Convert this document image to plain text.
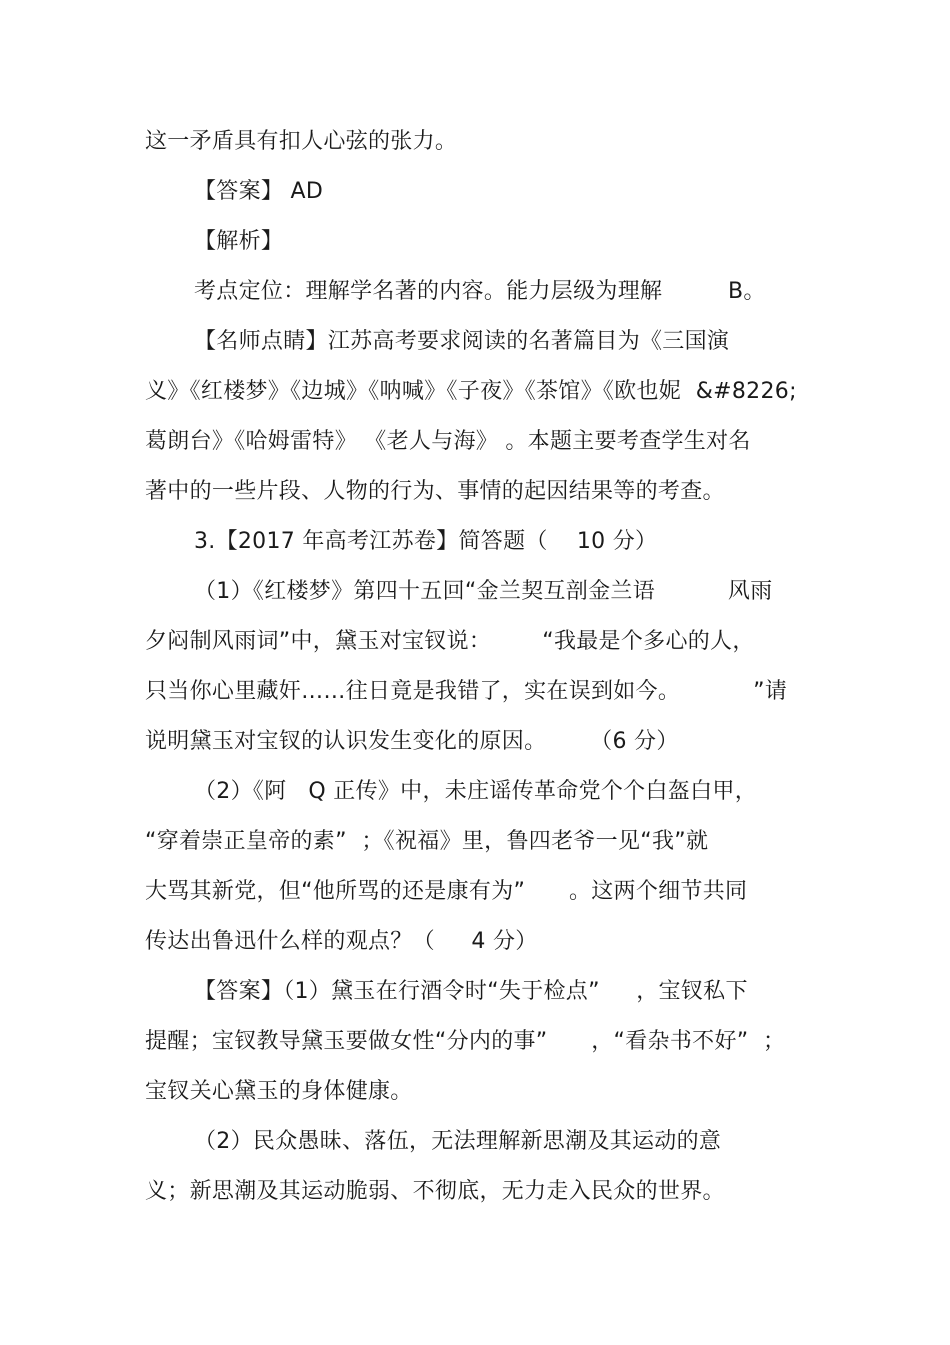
这一矛盾具有扣人心弦的张力。
【答案】 AD
【解析】
考点定位：理解学名著的内容。能力层级为理解         B。
【名师点睛】江苏高考要求阅读的名著篇目为《三国演
义》《红楼梦》《边城》《呐喊》《子夜》《茶馆》《欧也妮  &#8226;
葛朗台》《哈姆雷特》 《老人与海》 。本题主要考查学生对名
著中的一些片段、人物的行为、事情的起因结果等的考查。
3.【2017 年高考江苏卷】简答题（    10 分）
（1）《红楼梦》第四十五回“金兰契互剖金兰语          风雨
夕闷制风雨词”中，黛玉对宝钗说：       “我最是个多心的人，
只当你心里藏奸……往日竟是我错了，实在误到如今。          ”请
说明黛玉对宝钗的认识发生变化的原因。      （6 分）
（2）《阿   Q 正传》中，未庄谣传革命党个个白盔白甲，
“穿着崇正皇帝的素”  ；《祝福》里，鲁四老爷一见“我”就
大骂其新党，但“他所骂的还是康有为”      。这两个细节共同
传达出鲁迅什么样的观点？（     4 分）
【答案】（1）黛玉在行酒令时“失于检点”     ，宝钗私下
提醒；宝钗教导黛玉要做女性“分内的事”      ，“看杂书不好”  ；
宝钗关心黛玉的身体健康。
（2）民众愚昧、落伍，无法理解新思潮及其运动的意
义；新思潮及其运动脆弱、不彻底，无力走入民众的世界。
